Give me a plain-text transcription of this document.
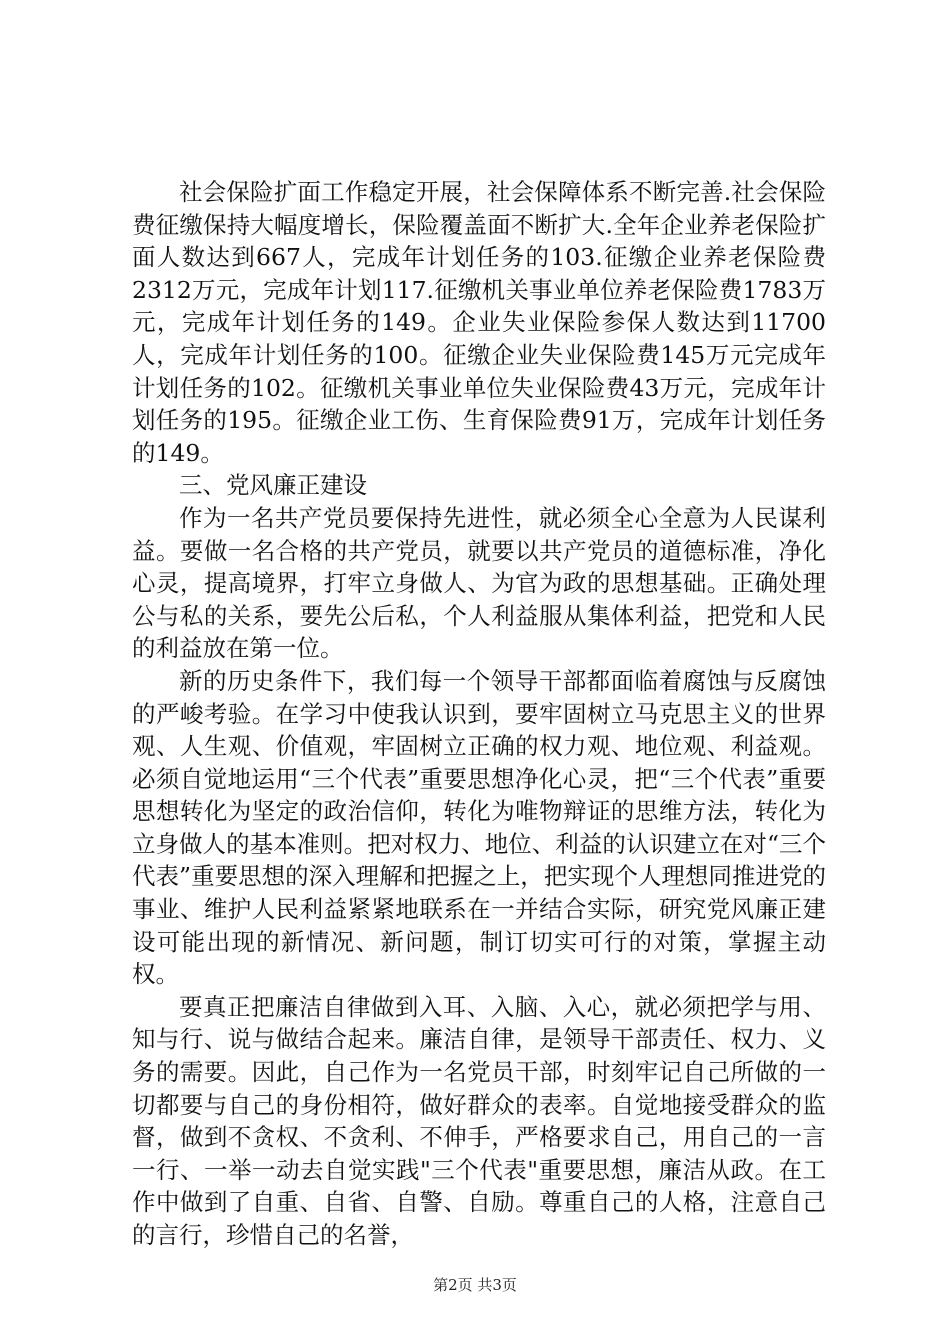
社会保险扩面工作稳定开展，社会保障体系不断完善.社会保险费征缴保持大幅度增长，保险覆盖面不断扩大.全年企业养老保险扩面人数达到667人，完成年计划任务的103.征缴企业养老保险费2312万元，完成年计划117.征缴机关事业单位养老保险费1783万元，完成年计划任务的149。企业失业保险参保人数达到11700人，完成年计划任务的100。征缴企业失业保险费145万元完成年计划任务的102。征缴机关事业单位失业保险费43万元，完成年计划任务的195。征缴企业工伤、生育保险费91万，完成年计划任务的149。

三、党风廉正建设

作为一名共产党员要保持先进性，就必须全心全意为人民谋利益。要做一名合格的共产党员，就要以共产党员的道德标准，净化心灵，提高境界，打牢立身做人、为官为政的思想基础。正确处理公与私的关系，要先公后私，个人利益服从集体利益，把党和人民的利益放在第一位。

新的历史条件下，我们每一个领导干部都面临着腐蚀与反腐蚀的严峻考验。在学习中使我认识到，要牢固树立马克思主义的世界观、人生观、价值观，牢固树立正确的权力观、地位观、利益观。必须自觉地运用“三个代表”重要思想净化心灵，把“三个代表”重要思想转化为坚定的政治信仰，转化为唯物辩证的思维方法，转化为立身做人的基本准则。把对权力、地位、利益的认识建立在对“三个代表”重要思想的深入理解和把握之上，把实现个人理想同推进党的事业、维护人民利益紧紧地联系在一并结合实际，研究党风廉正建设可能出现的新情况、新问题，制订切实可行的对策，掌握主动权。

要真正把廉洁自律做到入耳、入脑、入心，就必须把学与用、知与行、说与做结合起来。廉洁自律，是领导干部责任、权力、义务的需要。因此，自己作为一名党员干部，时刻牢记自己所做的一切都要与自己的身份相符，做好群众的表率。自觉地接受群众的监督，做到不贪权、不贪利、不伸手，严格要求自己，用自己的一言一行、一举一动去自觉实践"三个代表"重要思想，廉洁从政。在工作中做到了自重、自省、自警、自励。尊重自己的人格，注意自己的言行，珍惜自己的名誉，

第2页 共3页
